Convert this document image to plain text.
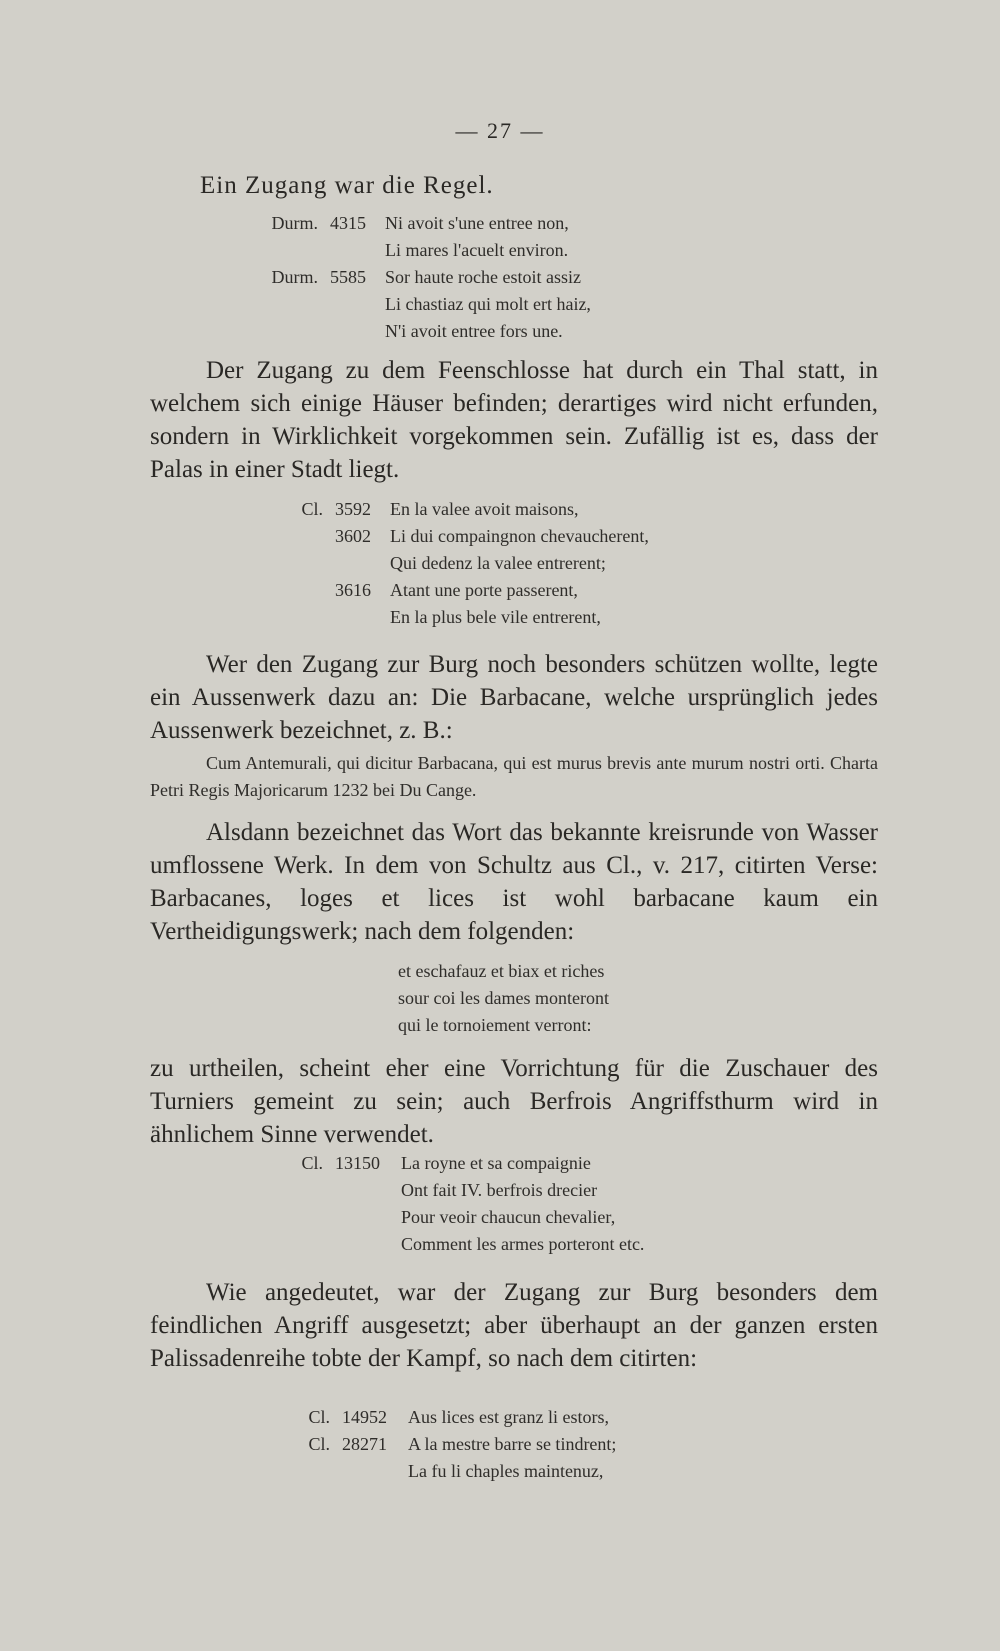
— 27 —
Ein Zugang war die Regel.
Durm. 4315 Ni avoit s'une entree non,
Li mares l'acuelt environ.
Durm. 5585 Sor haute roche estoit assiz
Li chastiaz qui molt ert haiz,
N'i avoit entree fors une.

Der Zugang zu dem Feenschlosse hat durch ein Thal statt, in welchem sich einige Häuser befinden; derartiges wird nicht erfunden, sondern in Wirklichkeit vorgekommen sein. Zufällig ist es, dass der Palas in einer Stadt liegt.

Cl. 3592 En la valee avoit maisons,
3602 Li dui compaingnon chevaucherent,
Qui dedenz la valee entrerent;
3616 Atant une porte passerent,
En la plus bele vile entrerent,

Wer den Zugang zur Burg noch besonders schützen wollte, legte ein Aussenwerk dazu an: Die Barbacane, welche ursprünglich jedes Aussenwerk bezeichnet, z. B.:

Cum Antemurali, qui dicitur Barbacana, qui est murus brevis ante murum nostri orti. Charta Petri Regis Majoricarum 1232 bei Du Cange.

Alsdann bezeichnet das Wort das bekannte kreisrunde von Wasser umflossene Werk. In dem von Schultz aus Cl., v. 217, citirten Verse: Barbacanes, loges et lices ist wohl barbacane kaum ein Vertheidigungswerk; nach dem folgenden:

et eschafauz et biax et riches
sour coi les dames monteront
qui le tornoiement verront:

zu urtheilen, scheint eher eine Vorrichtung für die Zuschauer des Turniers gemeint zu sein; auch Berfrois Angriffsthurm wird in ähnlichem Sinne verwendet.

Cl. 13150 La royne et sa compaignie
Ont fait IV. berfrois drecier
Pour veoir chaucun chevalier,
Comment les armes porteront etc.

Wie angedeutet, war der Zugang zur Burg besonders dem feindlichen Angriff ausgesetzt; aber überhaupt an der ganzen ersten Palissadenreihe tobte der Kampf, so nach dem citirten:

Cl. 14952 Aus lices est granz li estors,
Cl. 28271 A la mestre barre se tindrent;
La fu li chaples maintenuz,
